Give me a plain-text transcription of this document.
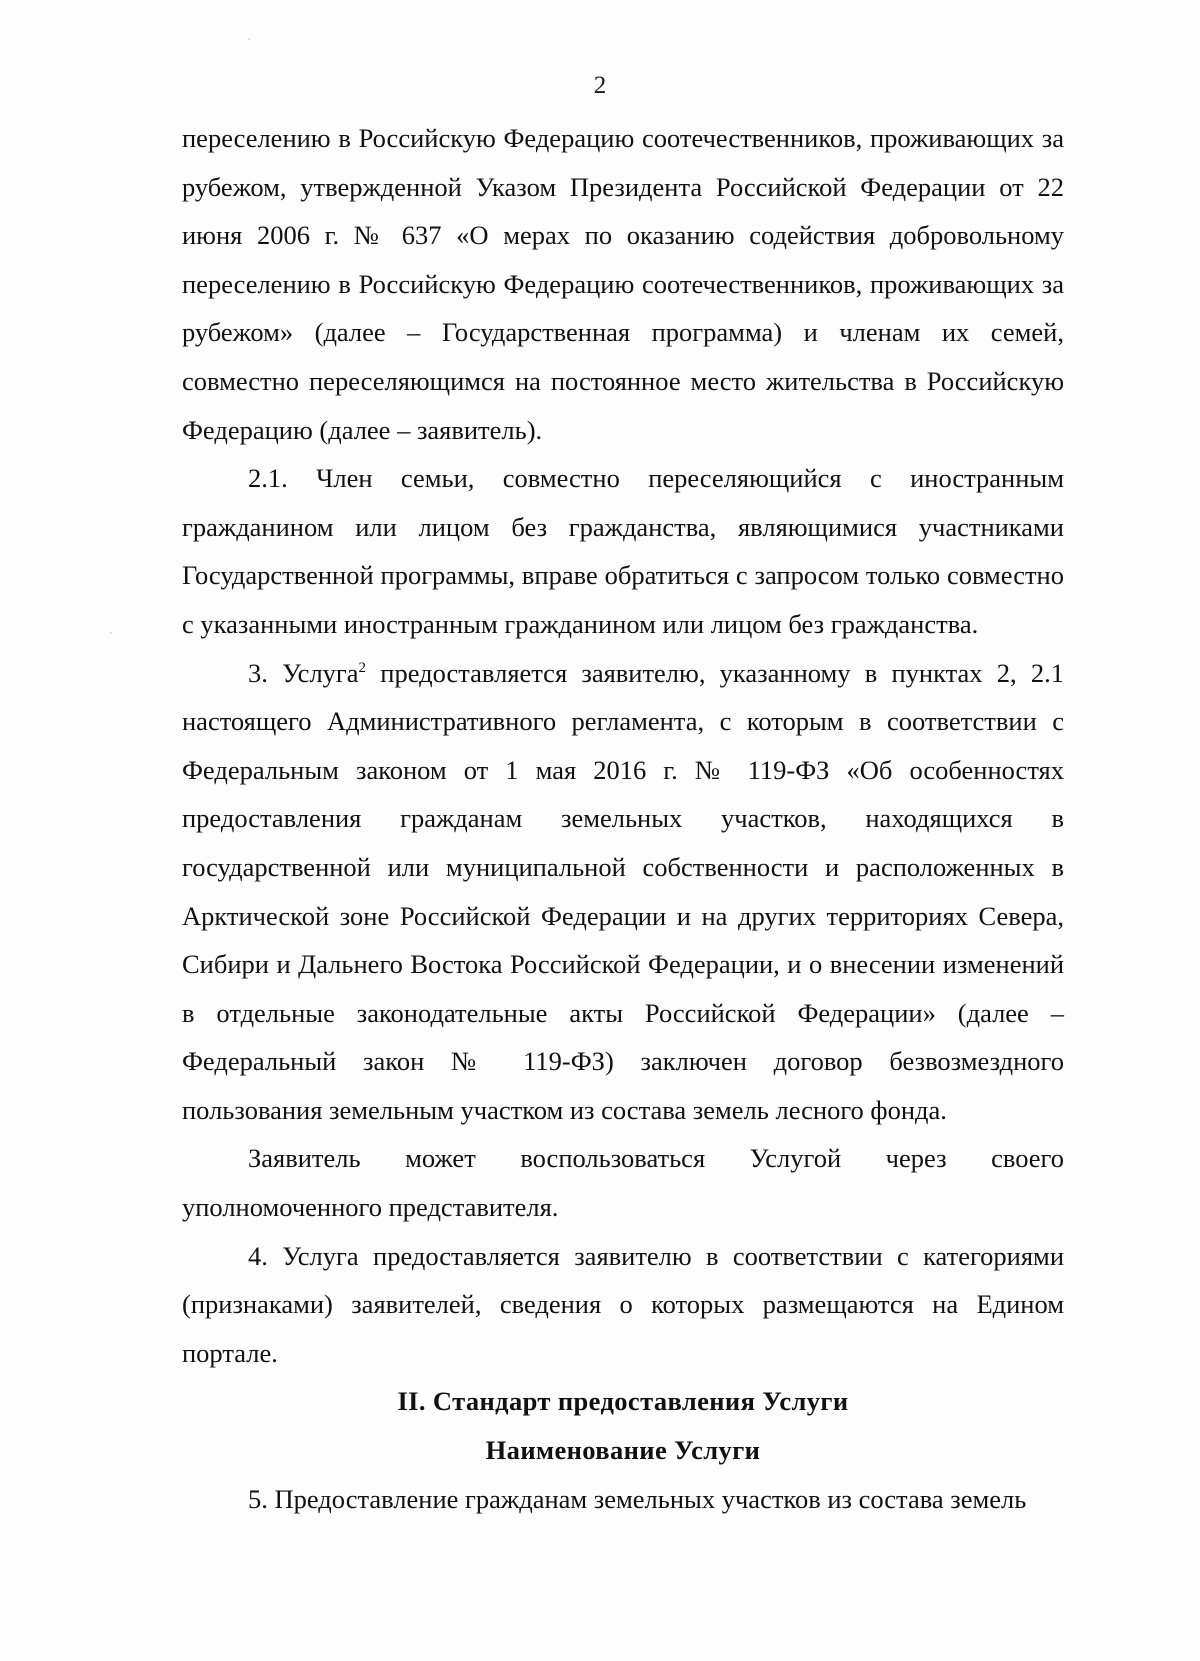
2

переселению в Российскую Федерацию соотечественников, проживающих за рубежом, утвержденной Указом Президента Российской Федерации от 22 июня 2006 г. № 637 «О мерах по оказанию содействия добровольному переселению в Российскую Федерацию соотечественников, проживающих за рубежом» (далее – Государственная программа) и членам их семей, совместно переселяющимся на постоянное место жительства в Российскую Федерацию (далее – заявитель).

2.1. Член семьи, совместно переселяющийся с иностранным гражданином или лицом без гражданства, являющимися участниками Государственной программы, вправе обратиться с запросом только совместно с указанными иностранным гражданином или лицом без гражданства.

3. Услуга$^2$ предоставляется заявителю, указанному в пунктах 2, 2.1 настоящего Административного регламента, с которым в соответствии с Федеральным законом от 1 мая 2016 г. № 119-ФЗ «Об особенностях предоставления гражданам земельных участков, находящихся в государственной или муниципальной собственности и расположенных в Арктической зоне Российской Федерации и на других территориях Севера, Сибири и Дальнего Востока Российской Федерации, и о внесении изменений в отдельные законодательные акты Российской Федерации» (далее – Федеральный закон № 119-ФЗ) заключен договор безвозмездного пользования земельным участком из состава земель лесного фонда.

Заявитель может воспользоваться Услугой через своего уполномоченного представителя.

4. Услуга предоставляется заявителю в соответствии с категориями (признаками) заявителей, сведения о которых размещаются на Едином портале.

II. Стандарт предоставления Услуги
Наименование Услуги

5. Предоставление гражданам земельных участков из состава земель
